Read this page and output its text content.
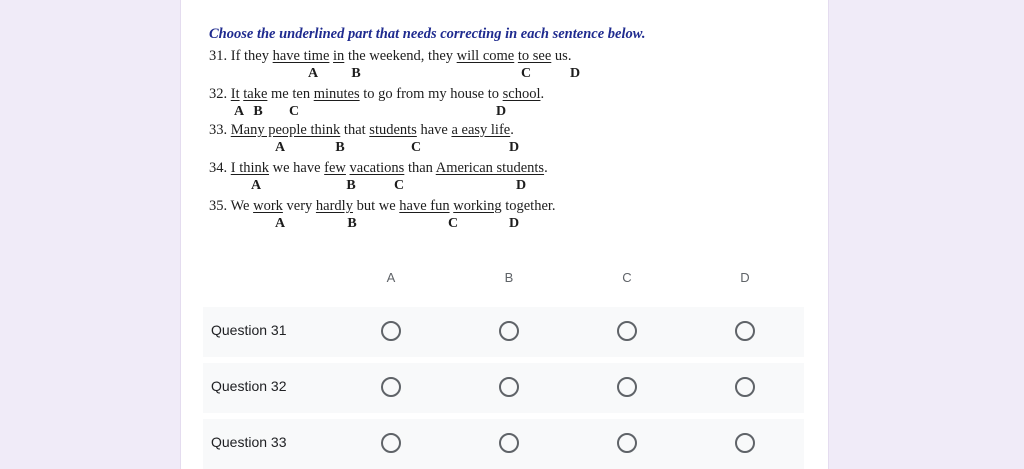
Choose the underlined part that needs correcting in each sentence below.
31. If they have time in the weekend, they will come to see us.
A B	C	D
32. It take me ten minutes to go from my house to school.
A B C	D
33. Many people think that students have a easy life.
A	B	C	D
34. I think we have few vacations than American students.
A	B	C	D
35. We work very hardly but we have fun working together.
A	B	C	D
A	B	C	D
Question 31
Question 32
Question 33
